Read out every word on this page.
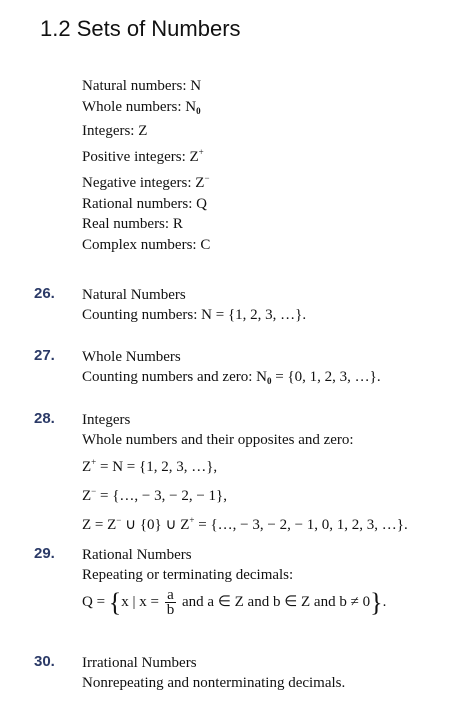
1.2 Sets of Numbers
Natural numbers: N
Whole numbers: $N_0$
Integers: Z
Positive integers: Z+
Negative integers: Z−
Rational numbers: Q
Real numbers: R
Complex numbers: C
26. Natural Numbers
Counting numbers: N = {1, 2, 3, …}.
27. Whole Numbers
Counting numbers and zero: $N_0 = \{0$, 1, 2, 3, …}.
28. Integers
Whole numbers and their opposites and zero:
Z+ = N = {1, 2, 3, …},
Z− = {…, − 3, − 2, − 1},
Z = Z− ∪ {0} ∪ Z+ = {…, − 3, − 2, − 1, 0, 1, 2, 3, …}.
29. Rational Numbers
Repeating or terminating decimals:
Q = {x | $x = \frac{a}{b}$ and a ∈ Z and b ∈ Z and b ≠ 0}.
30. Irrational Numbers
Nonrepeating and nonterminating decimals.
